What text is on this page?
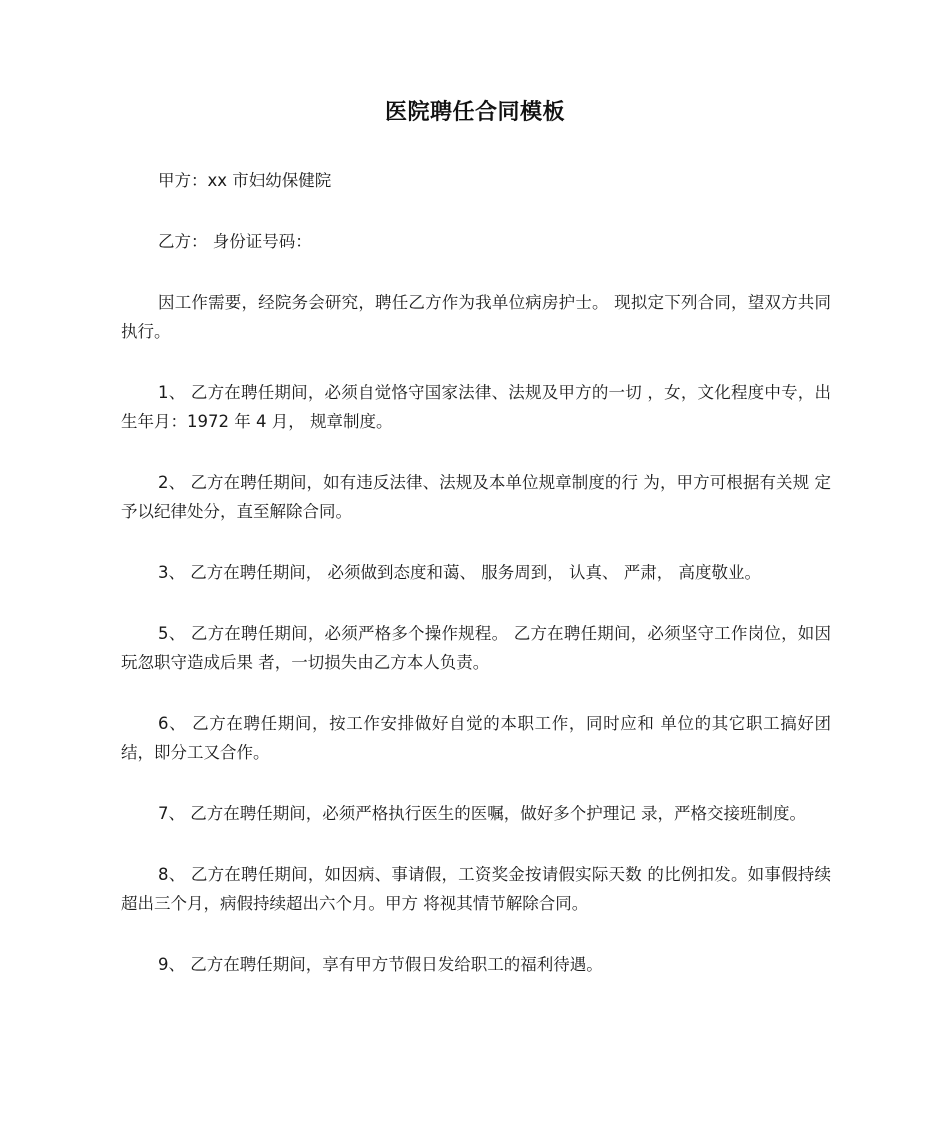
医院聘任合同模板

甲方：xx 市妇幼保健院

乙方： 身份证号码：

因工作需要，经院务会研究，聘任乙方作为我单位病房护士。 现拟定下列合同，望双方共同执行。

1、 乙方在聘任期间，必须自觉恪守国家法律、法规及甲方的一切 ，女，文化程度中专，出生年月：1972 年 4 月， 规章制度。

2、 乙方在聘任期间，如有违反法律、法规及本单位规章制度的行 为，甲方可根据有关规 定予以纪律处分，直至解除合同。

3、 乙方在聘任期间， 必须做到态度和蔼、 服务周到， 认真、 严肃， 高度敬业。

5、 乙方在聘任期间，必须严格多个操作规程。 乙方在聘任期间，必须坚守工作岗位，如因玩忽职守造成后果 者，一切损失由乙方本人负责。

6、 乙方在聘任期间，按工作安排做好自觉的本职工作，同时应和 单位的其它职工搞好团结，即分工又合作。

7、 乙方在聘任期间，必须严格执行医生的医嘱，做好多个护理记 录，严格交接班制度。

8、 乙方在聘任期间，如因病、事请假，工资奖金按请假实际天数 的比例扣发。如事假持续超出三个月，病假持续超出六个月。甲方 将视其情节解除合同。

9、 乙方在聘任期间，享有甲方节假日发给职工的福利待遇。
